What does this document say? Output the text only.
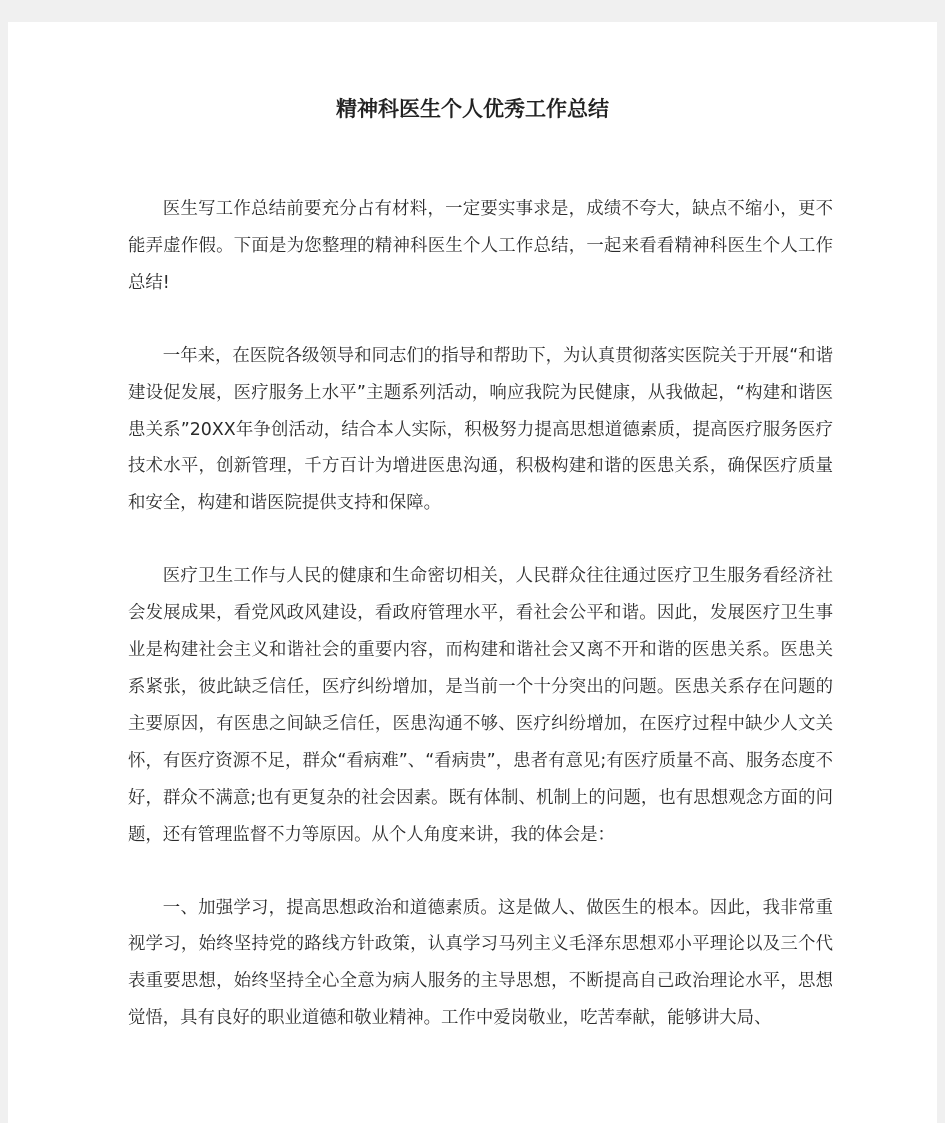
精神科医生个人优秀工作总结

医生写工作总结前要充分占有材料，一定要实事求是，成绩不夸大，缺点不缩小，更不能弄虚作假。下面是为您整理的精神科医生个人工作总结，一起来看看精神科医生个人工作总结!

一年来，在医院各级领导和同志们的指导和帮助下，为认真贯彻落实医院关于开展“和谐建设促发展，医疗服务上水平”主题系列活动，响应我院为民健康，从我做起，“构建和谐医患关系”20XX年争创活动，结合本人实际，积极努力提高思想道德素质，提高医疗服务医疗技术水平，创新管理，千方百计为增进医患沟通，积极构建和谐的医患关系，确保医疗质量和安全，构建和谐医院提供支持和保障。

医疗卫生工作与人民的健康和生命密切相关，人民群众往往通过医疗卫生服务看经济社会发展成果，看党风政风建设，看政府管理水平，看社会公平和谐。因此，发展医疗卫生事业是构建社会主义和谐社会的重要内容，而构建和谐社会又离不开和谐的医患关系。医患关系紧张，彼此缺乏信任，医疗纠纷增加，是当前一个十分突出的问题。医患关系存在问题的主要原因，有医患之间缺乏信任，医患沟通不够、医疗纠纷增加，在医疗过程中缺少人文关怀，有医疗资源不足，群众“看病难”、“看病贵”，患者有意见;有医疗质量不高、服务态度不好，群众不满意;也有更复杂的社会因素。既有体制、机制上的问题，也有思想观念方面的问题，还有管理监督不力等原因。从个人角度来讲，我的体会是：

一、加强学习，提高思想政治和道德素质。这是做人、做医生的根本。因此，我非常重视学习，始终坚持党的路线方针政策，认真学习马列主义毛泽东思想邓小平理论以及三个代表重要思想，始终坚持全心全意为病人服务的主导思想，不断提高自己政治理论水平，思想觉悟，具有良好的职业道德和敬业精神。工作中爱岗敬业，吃苦奉献，能够讲大局、
